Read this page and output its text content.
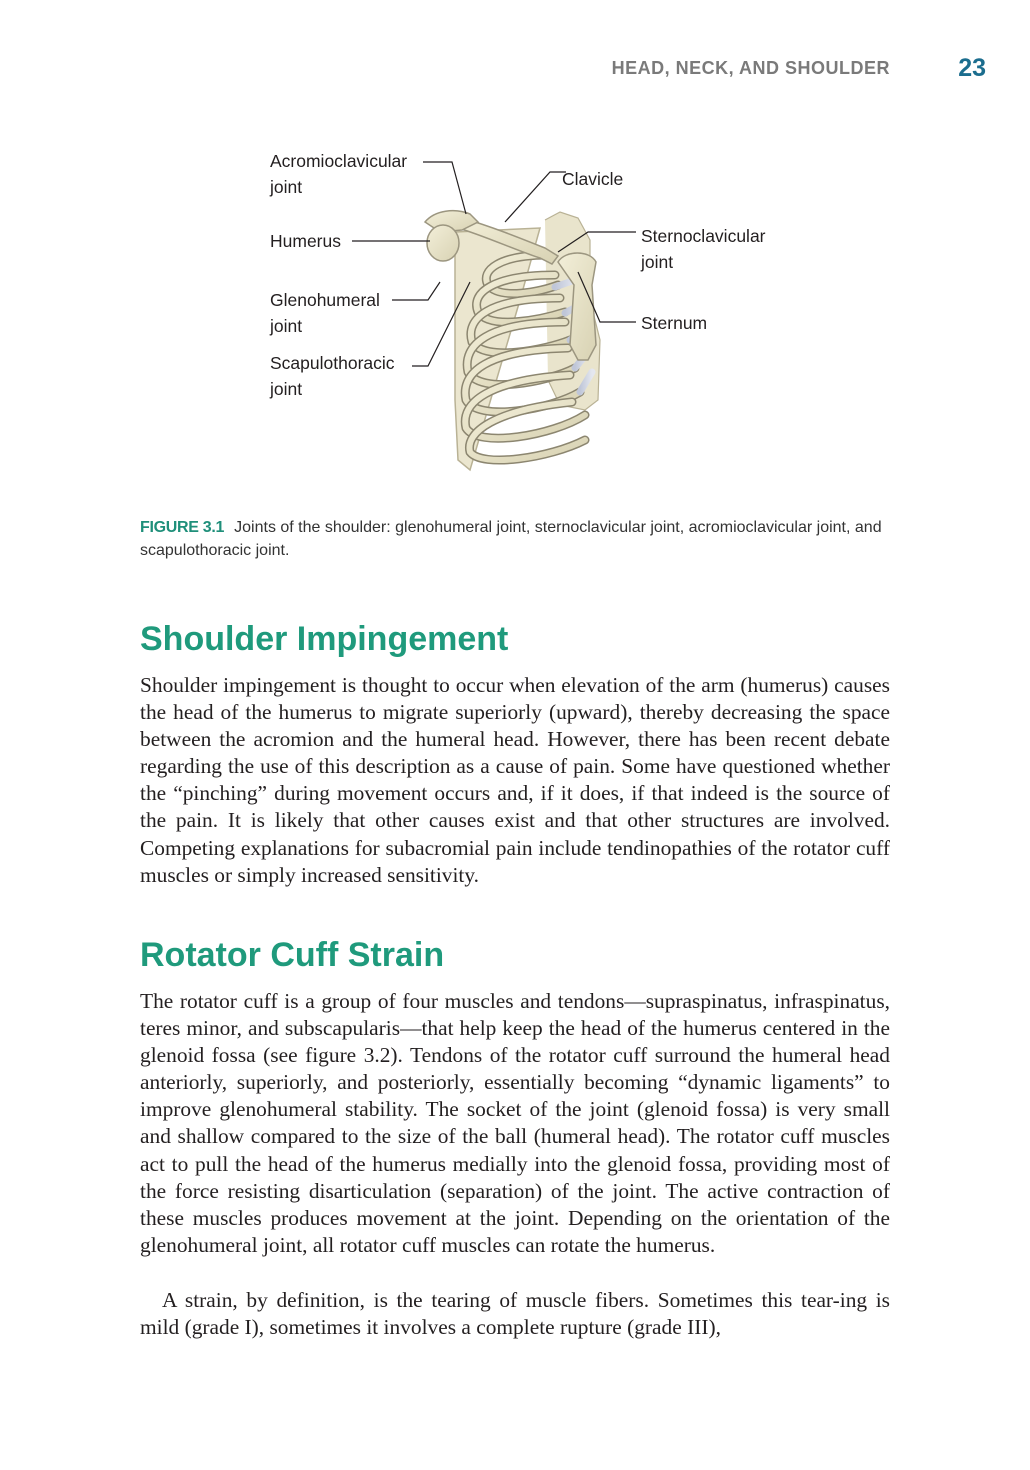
HEAD, NECK, AND SHOULDER	23
Acromioclavicular
joint	Clavicle
Humerus	Sternoclavicular
joint
Glenohumeral
joint	Sternum
Scapulothoracic
joint
FIGURE 3.1 Joints of the shoulder: glenohumeral joint, sternoclavicular joint, acromioclavicular joint, and scapulothoracic joint.
Shoulder Impingement

Shoulder impingement is thought to occur when elevation of the arm (humerus) causes the head of the humerus to migrate superiorly (upward), thereby decreasing the space between the acromion and the humeral head. However, there has been recent debate regarding the use of this description as a cause of pain. Some have questioned whether the “pinching” during movement occurs and, if it does, if that indeed is the source of the pain. It is likely that other causes exist and that other structures are involved. Competing explanations for subacromial pain include tendinopathies of the rotator cuff muscles or simply increased sensitivity.

Rotator Cuff Strain

The rotator cuff is a group of four muscles and tendons—supraspinatus, infraspinatus, teres minor, and subscapularis—that help keep the head of the humerus centered in the glenoid fossa (see figure 3.2). Tendons of the rotator cuff surround the humeral head anteriorly, superiorly, and posteriorly, essentially becoming “dynamic ligaments” to improve glenohumeral stability. The socket of the joint (glenoid fossa) is very small and shallow compared to the size of the ball (humeral head). The rotator cuff muscles act to pull the head of the humerus medially into the glenoid fossa, providing most of the force resisting disarticulation (separation) of the joint. The active contraction of these muscles produces movement at the joint. Depending on the orientation of the glenohumeral joint, all rotator cuff muscles can rotate the humerus.

A strain, by definition, is the tearing of muscle fibers. Sometimes this tear-ing is mild (grade I), sometimes it involves a complete rupture (grade III),
